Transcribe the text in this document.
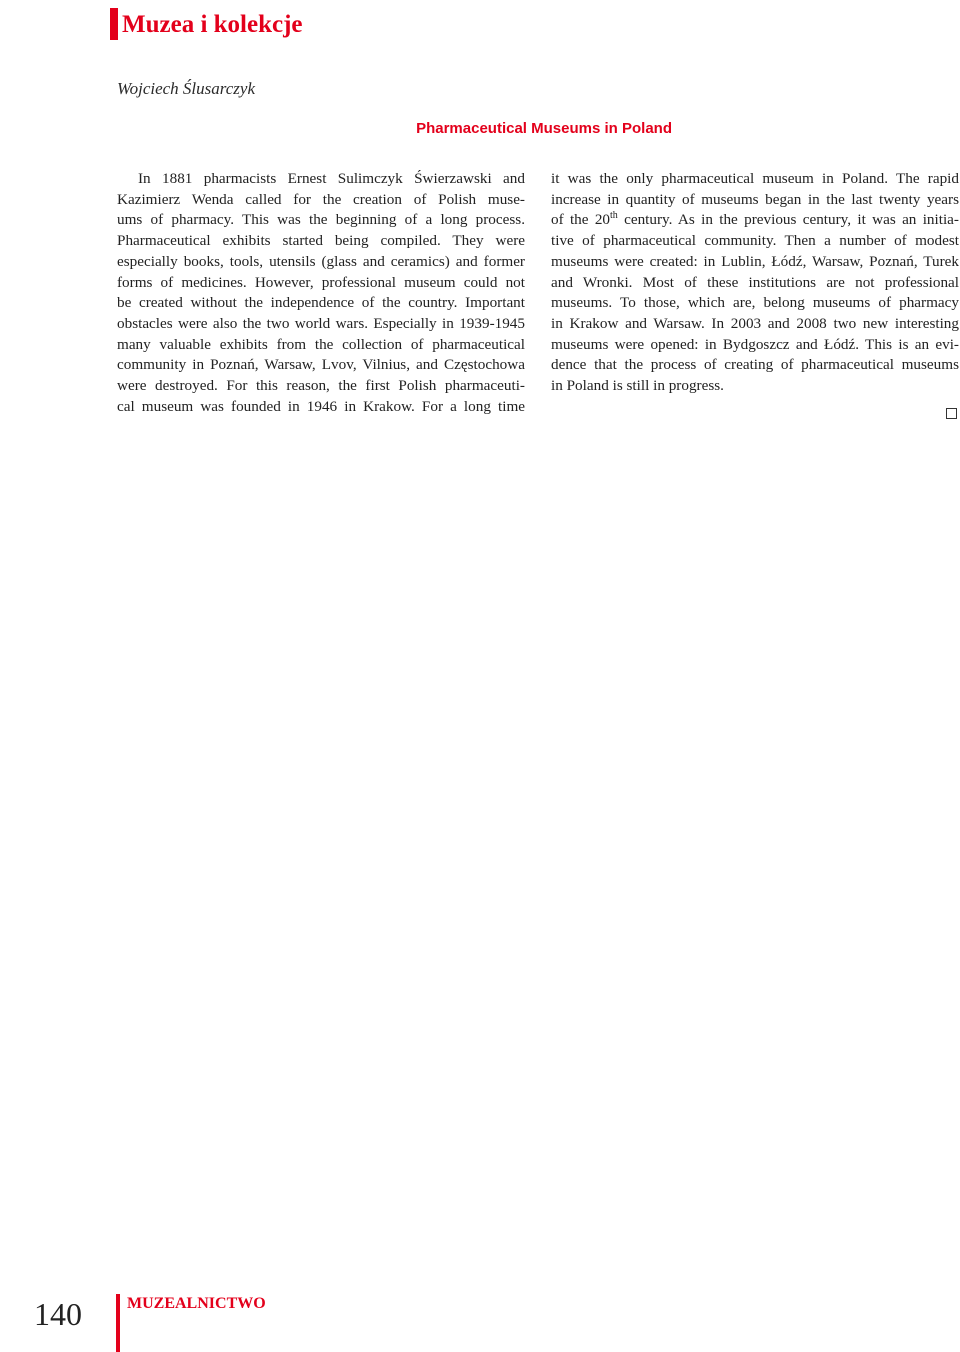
Muzea i kolekcje
Wojciech Ślusarczyk
Pharmaceutical Museums in Poland
In 1881 pharmacists Ernest Sulimczyk Świerzawski and
Kazimierz Wenda called for the creation of Polish muse-
ums of pharmacy. This was the beginning of a long process.
Pharmaceutical exhibits started being compiled. They were
especially books, tools, utensils (glass and ceramics) and former
forms of medicines. However, professional museum could not
be created without the independence of the country. Important
obstacles were also the two world wars. Especially in 1939-1945
many valuable exhibits from the collection of pharmaceutical
community in Poznań, Warsaw, Lvov, Vilnius, and Częstochowa
were destroyed. For this reason, the first Polish pharmaceuti-
cal museum was founded in 1946 in Krakow. For a long time
it was the only pharmaceutical museum in Poland. The rapid
increase in quantity of museums began in the last twenty years
of the 20th century. As in the previous century, it was an initia-
tive of pharmaceutical community. Then a number of modest
museums were created: in Lublin, Łódź, Warsaw, Poznań, Turek
and Wronki. Most of these institutions are not professional
museums. To those, which are, belong museums of pharmacy
in Krakow and Warsaw. In 2003 and 2008 two new interesting
museums were opened: in Bydgoszcz and Łódź. This is an evi-
dence that the process of creating of pharmaceutical museums
in Poland is still in progress.
140	MUZEALNICTWO
